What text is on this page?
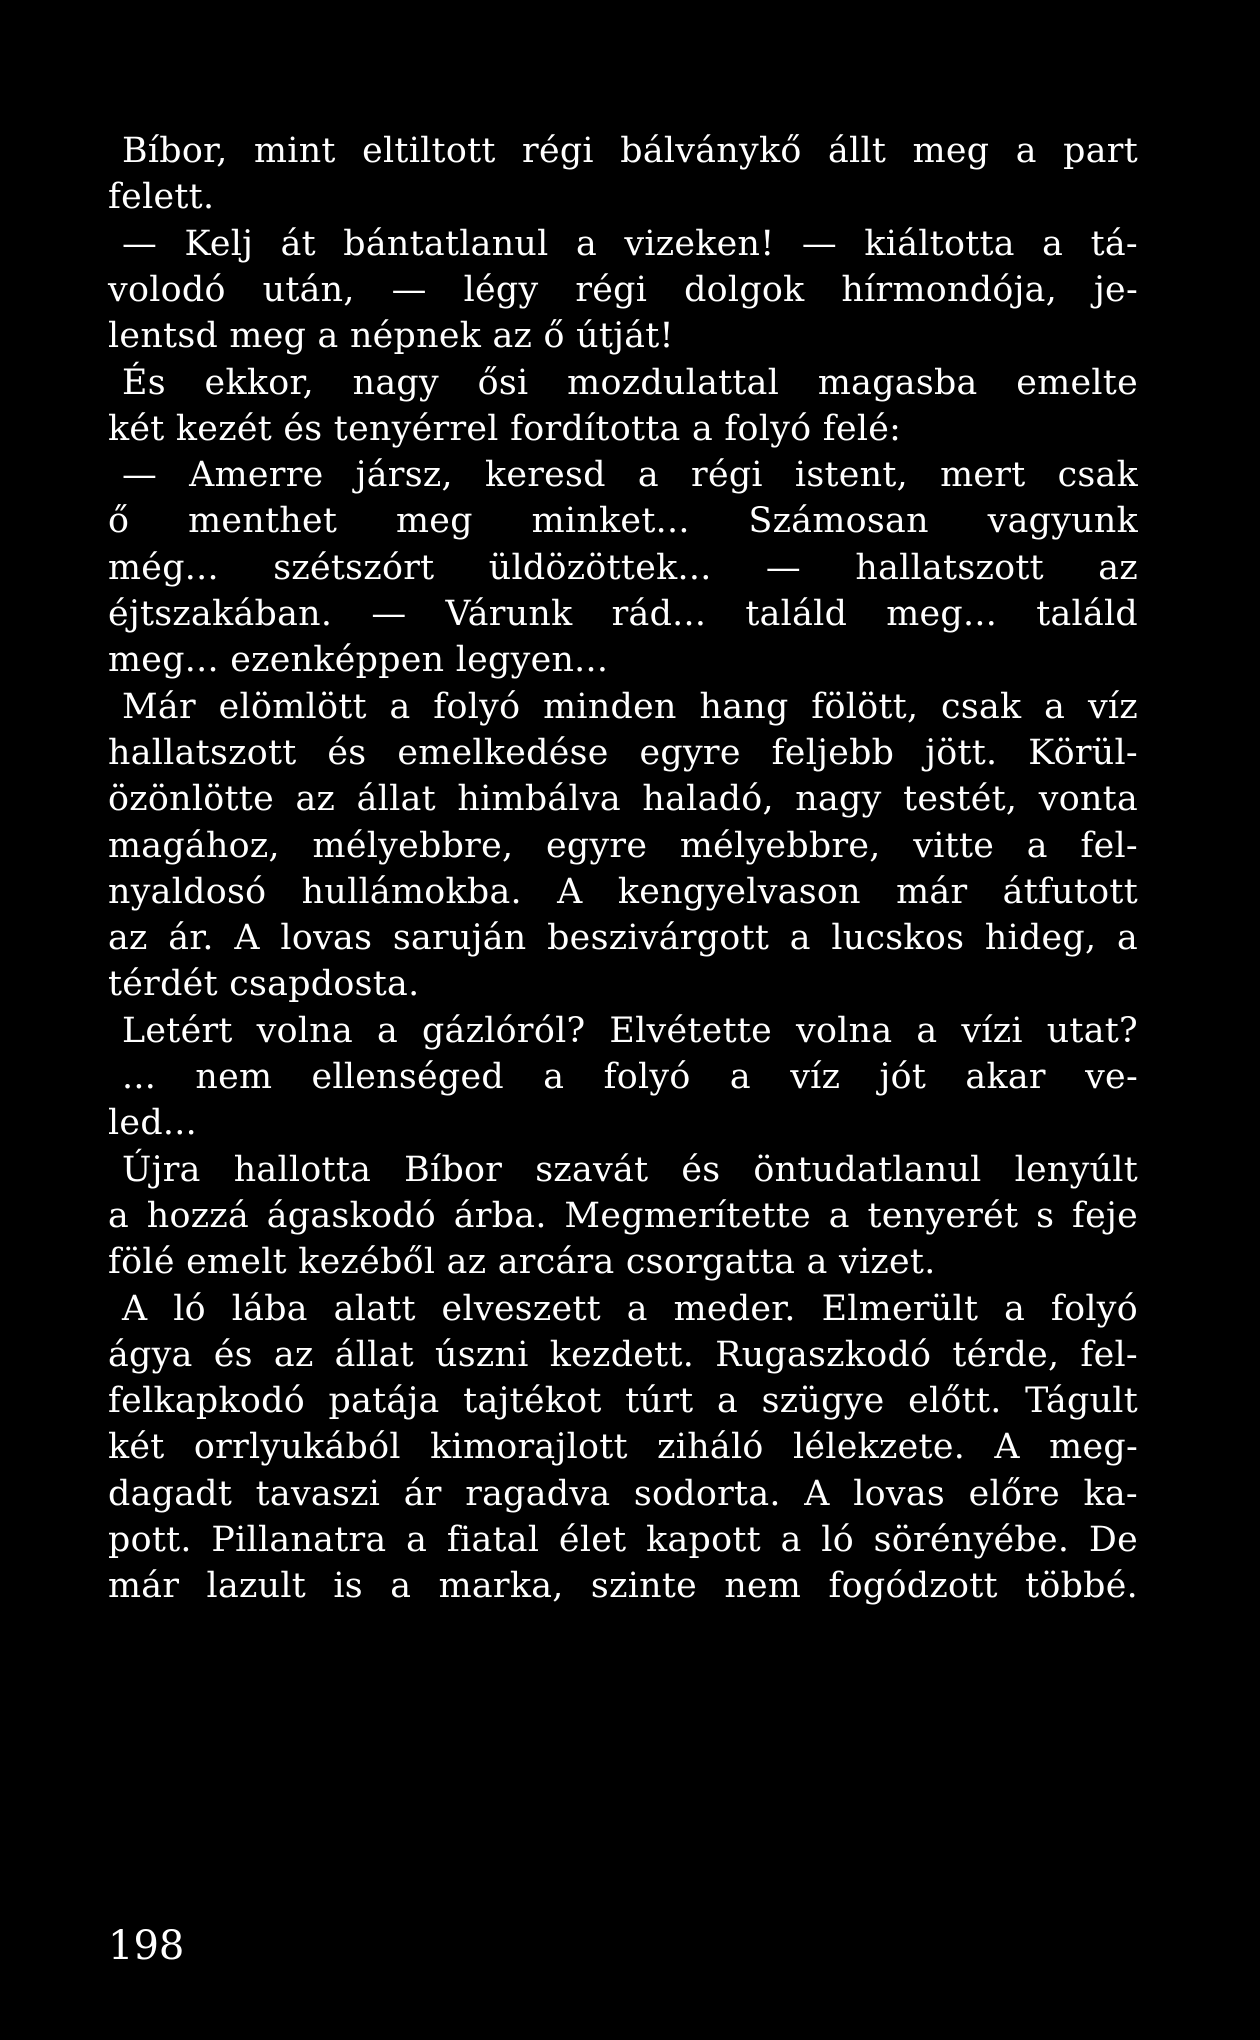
Bíbor, mint eltiltott régi bálványkő állt meg a part
felett.
— Kelj át bántatlanul a vizeken! — kiáltotta a tá-
volodó után, — légy régi dolgok hírmondója, je-
lentsd meg a népnek az ő útját!
És ekkor, nagy ősi mozdulattal magasba emelte
két kezét és tenyérrel fordította a folyó felé:
— Amerre jársz, keresd a régi istent, mert csak
ő menthet meg minket... Számosan vagyunk
még... szétszórt üldözöttek... — hallatszott az
éjtszakában. — Várunk rád... találd meg... találd
meg... ezenképpen legyen...
Már elömlött a folyó minden hang fölött, csak a víz
hallatszott és emelkedése egyre feljebb jött. Körül-
özönlötte az állat himbálva haladó, nagy testét, vonta
magához, mélyebbre, egyre mélyebbre, vitte a fel-
nyaldosó hullámokba. A kengyelvason már átfutott
az ár. A lovas saruján beszivárgott a lucskos hideg, a
térdét csapdosta.
Letért volna a gázlóról? Elvétette volna a vízi utat?
... nem ellenséged a folyó a víz jót akar ve-
led...
Újra hallotta Bíbor szavát és öntudatlanul lenyúlt
a hozzá ágaskodó árba. Megmerítette a tenyerét s feje
fölé emelt kezéből az arcára csorgatta a vizet.
A ló lába alatt elveszett a meder. Elmerült a folyó
ágya és az állat úszni kezdett. Rugaszkodó térde, fel-
felkapkodó patája tajtékot túrt a szügye előtt. Tágult
két orrlyukából kimorajlott ziháló lélekzete. A meg-
dagadt tavaszi ár ragadva sodorta. A lovas előre ka-
pott. Pillanatra a fiatal élet kapott a ló sörényébe. De
már lazult is a marka, szinte nem fogódzott többé.
198
